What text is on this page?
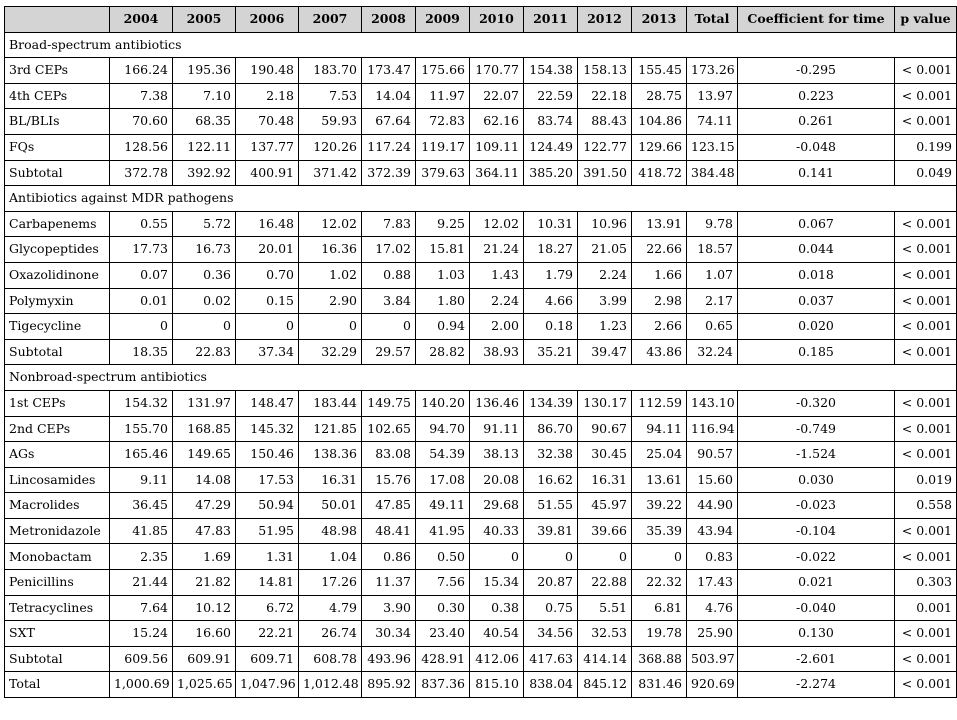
	2004	2005	2006	2007	2008	2009	2010	2011	2012	2013	Total	Coefficient for time	p value
Broad-spectrum antibiotics													
3rd CEPs	166.24	195.36	190.48	183.70	173.47	175.66	170.77	154.38	158.13	155.45	173.26	-0.295	< 0.001
4th CEPs	7.38	7.10	2.18	7.53	14.04	11.97	22.07	22.59	22.18	28.75	13.97	0.223	< 0.001
BL/BLIs	70.60	68.35	70.48	59.93	67.64	72.83	62.16	83.74	88.43	104.86	74.11	0.261	< 0.001
FQs	128.56	122.11	137.77	120.26	117.24	119.17	109.11	124.49	122.77	129.66	123.15	-0.048	0.199
Subtotal	372.78	392.92	400.91	371.42	372.39	379.63	364.11	385.20	391.50	418.72	384.48	0.141	0.049
Antibiotics against MDR pathogens													
Carbapenems	0.55	5.72	16.48	12.02	7.83	9.25	12.02	10.31	10.96	13.91	9.78	0.067	< 0.001
Glycopeptides	17.73	16.73	20.01	16.36	17.02	15.81	21.24	18.27	21.05	22.66	18.57	0.044	< 0.001
Oxazolidinone	0.07	0.36	0.70	1.02	0.88	1.03	1.43	1.79	2.24	1.66	1.07	0.018	< 0.001
Polymyxin	0.01	0.02	0.15	2.90	3.84	1.80	2.24	4.66	3.99	2.98	2.17	0.037	< 0.001
Tigecycline	0	0	0	0	0	0.94	2.00	0.18	1.23	2.66	0.65	0.020	< 0.001
Subtotal	18.35	22.83	37.34	32.29	29.57	28.82	38.93	35.21	39.47	43.86	32.24	0.185	< 0.001
Nonbroad-spectrum antibiotics													
1st CEPs	154.32	131.97	148.47	183.44	149.75	140.20	136.46	134.39	130.17	112.59	143.10	-0.320	< 0.001
2nd CEPs	155.70	168.85	145.32	121.85	102.65	94.70	91.11	86.70	90.67	94.11	116.94	-0.749	< 0.001
AGs	165.46	149.65	150.46	138.36	83.08	54.39	38.13	32.38	30.45	25.04	90.57	-1.524	< 0.001
Lincosamides	9.11	14.08	17.53	16.31	15.76	17.08	20.08	16.62	16.31	13.61	15.60	0.030	0.019
Macrolides	36.45	47.29	50.94	50.01	47.85	49.11	29.68	51.55	45.97	39.22	44.90	-0.023	0.558
Metronidazole	41.85	47.83	51.95	48.98	48.41	41.95	40.33	39.81	39.66	35.39	43.94	-0.104	< 0.001
Monobactam	2.35	1.69	1.31	1.04	0.86	0.50	0	0	0	0	0.83	-0.022	< 0.001
Penicillins	21.44	21.82	14.81	17.26	11.37	7.56	15.34	20.87	22.88	22.32	17.43	0.021	0.303
Tetracyclines	7.64	10.12	6.72	4.79	3.90	0.30	0.38	0.75	5.51	6.81	4.76	-0.040	0.001
SXT	15.24	16.60	22.21	26.74	30.34	23.40	40.54	34.56	32.53	19.78	25.90	0.130	< 0.001
Subtotal	609.56	609.91	609.71	608.78	493.96	428.91	412.06	417.63	414.14	368.88	503.97	-2.601	< 0.001
Total	1,000.69	1,025.65	1,047.96	1,012.48	895.92	837.36	815.10	838.04	845.12	831.46	920.69	-2.274	< 0.001
